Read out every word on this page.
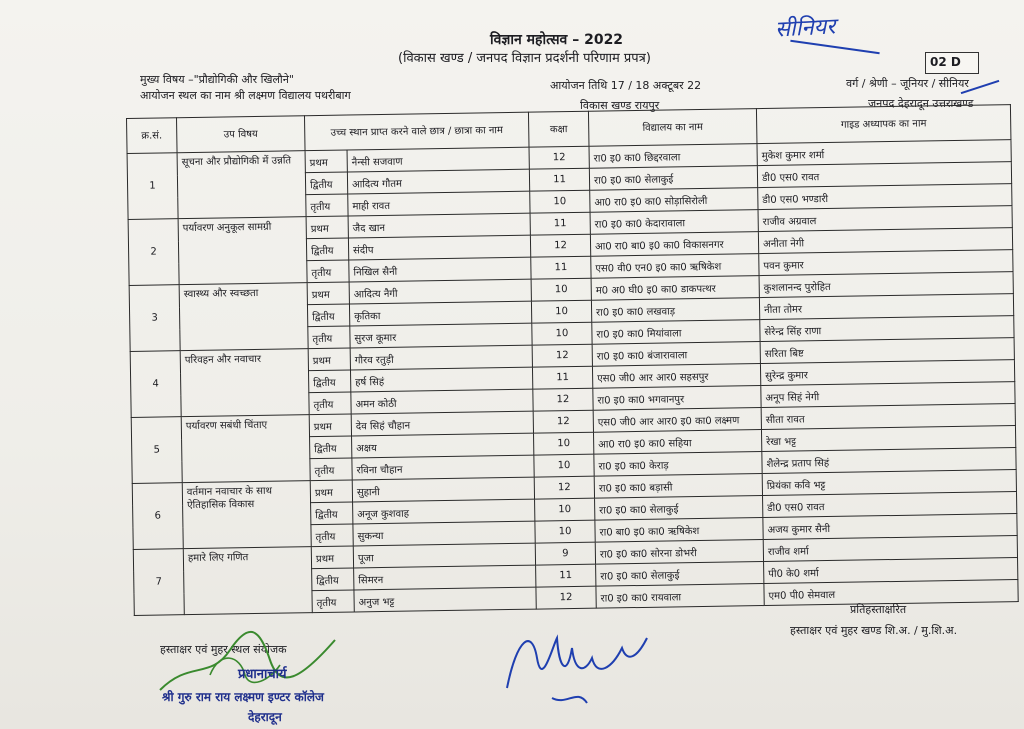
विज्ञान महोत्सव – 2022
(विकास खण्ड / जनपद विज्ञान प्रदर्शनी परिणाम प्रपत्र)
सीनियर
02 D
मुख्य विषय –"प्रौद्योगिकी और खिलौने"
आयोजन स्थल का नाम श्री लक्ष्मण विद्यालय पथरीबाग
आयोजन तिथि 17 / 18 अक्टूबर 22
विकास खण्ड रायपुर
वर्ग / श्रेणी – जूनियर / सीनियर
जनपद देहरादून उत्तराखण्ड
क्र.सं.	उप विषय	उच्च स्थान प्राप्त करने वाले छात्र / छात्रा का नाम		कक्षा	विद्यालय का नाम	गाइड अध्यापक का नाम
1	सूचना और प्रौद्योगिकी में उन्नति	प्रथम	नैन्सी सजवाण	12	रा0 इ0 का0 छिद्दरवाला	मुकेश कुमार शर्मा
		द्वितीय	आदित्य गौतम	11	रा0 इ0 का0 सेलाकुई	डी0 एस0 रावत
		तृतीय	माही रावत	10	आ0 रा0 इ0 का0 सोड़ासिरोली	डी0 एस0 भण्डारी
2	पर्यावरण अनुकूल सामग्री	प्रथम	जैद खान	11	रा0 इ0 का0 केदारावाला	राजीव अग्रवाल
		द्वितीय	संदीप	12	आ0 रा0 बा0 इ0 का0 विकासनगर	अनीता नेगी
		तृतीय	निखिल सैनी	11	एस0 वी0 एन0 इ0 का0 ऋषिकेश	पवन कुमार
3	स्वास्थ्य और स्वच्छता	प्रथम	आदित्य नैगी	10	म0 अ0 घी0 इ0 का0 डाकपत्थर	कुशलानन्द पुरोहित
		द्वितीय	कृतिका	10	रा0 इ0 का0 लखवाड़	नीता तोमर
		तृतीय	सुरज कूमार	10	रा0 इ0 का0 मियांवाला	सेरेन्द्र सिंह राणा
4	परिवहन और नवाचार	प्रथम	गौरव रतुड़ी	12	रा0 इ0 का0 बंजारावाला	सरिता बिष्ट
		द्वितीय	हर्ष सिहं	11	एस0 जी0 आर आर0 सहसपुर	सुरेन्द्र कुमार
		तृतीय	अमन कोठी	12	रा0 इ0 का0 भगवानपुर	अनूप सिहं नेगी
5	पर्यावरण सबंधी चिंताए	प्रथम	देव सिहं चौहान	12	एस0 जी0 आर आर0 इ0 का0 लक्ष्मण	सीता रावत
		द्वितीय	अक्षय	10	आ0 रा0 इ0 का0 सहिया	रेखा भट्ट
		तृतीय	रविना चौहान	10	रा0 इ0 का0 केराड़	शैलेन्द्र प्रताप सिहं
6	वर्तमान नवाचार के साथ ऐतिहासिक विकास	प्रथम	सुहानी	12	रा0 इ0 का0 बड़ासी	प्रियंका कवि भट्ट
		द्वितीय	अनूज कुशवाह	10	रा0 इ0 का0 सेलाकुई	डी0 एस0 रावत
		तृतीय	सुकन्या	10	रा0 बा0 इ0 का0 ऋषिकेश	अजय कुमार सैनी
7	हमारे लिए गणित	प्रथम	पूजा	9	रा0 इ0 का0 सोरना डोभरी	राजीव शर्मा
		द्वितीय	सिमरन	11	रा0 इ0 का0 सेलाकुई	पी0 के0 शर्मा
		तृतीय	अनुज भट्ट	12	रा0 इ0 का0 रायवाला	एम0 पी0 सेमवाल
प्रतिहस्ताक्षरित
हस्ताक्षर एवं मुहर खण्ड शि.अ. / मु.शि.अ.
हस्ताक्षर एवं मुहर स्थल संयोजक
प्रधानाचार्य
श्री गुरु राम राय लक्ष्मण इण्टर कॉलेज
देहरादून
